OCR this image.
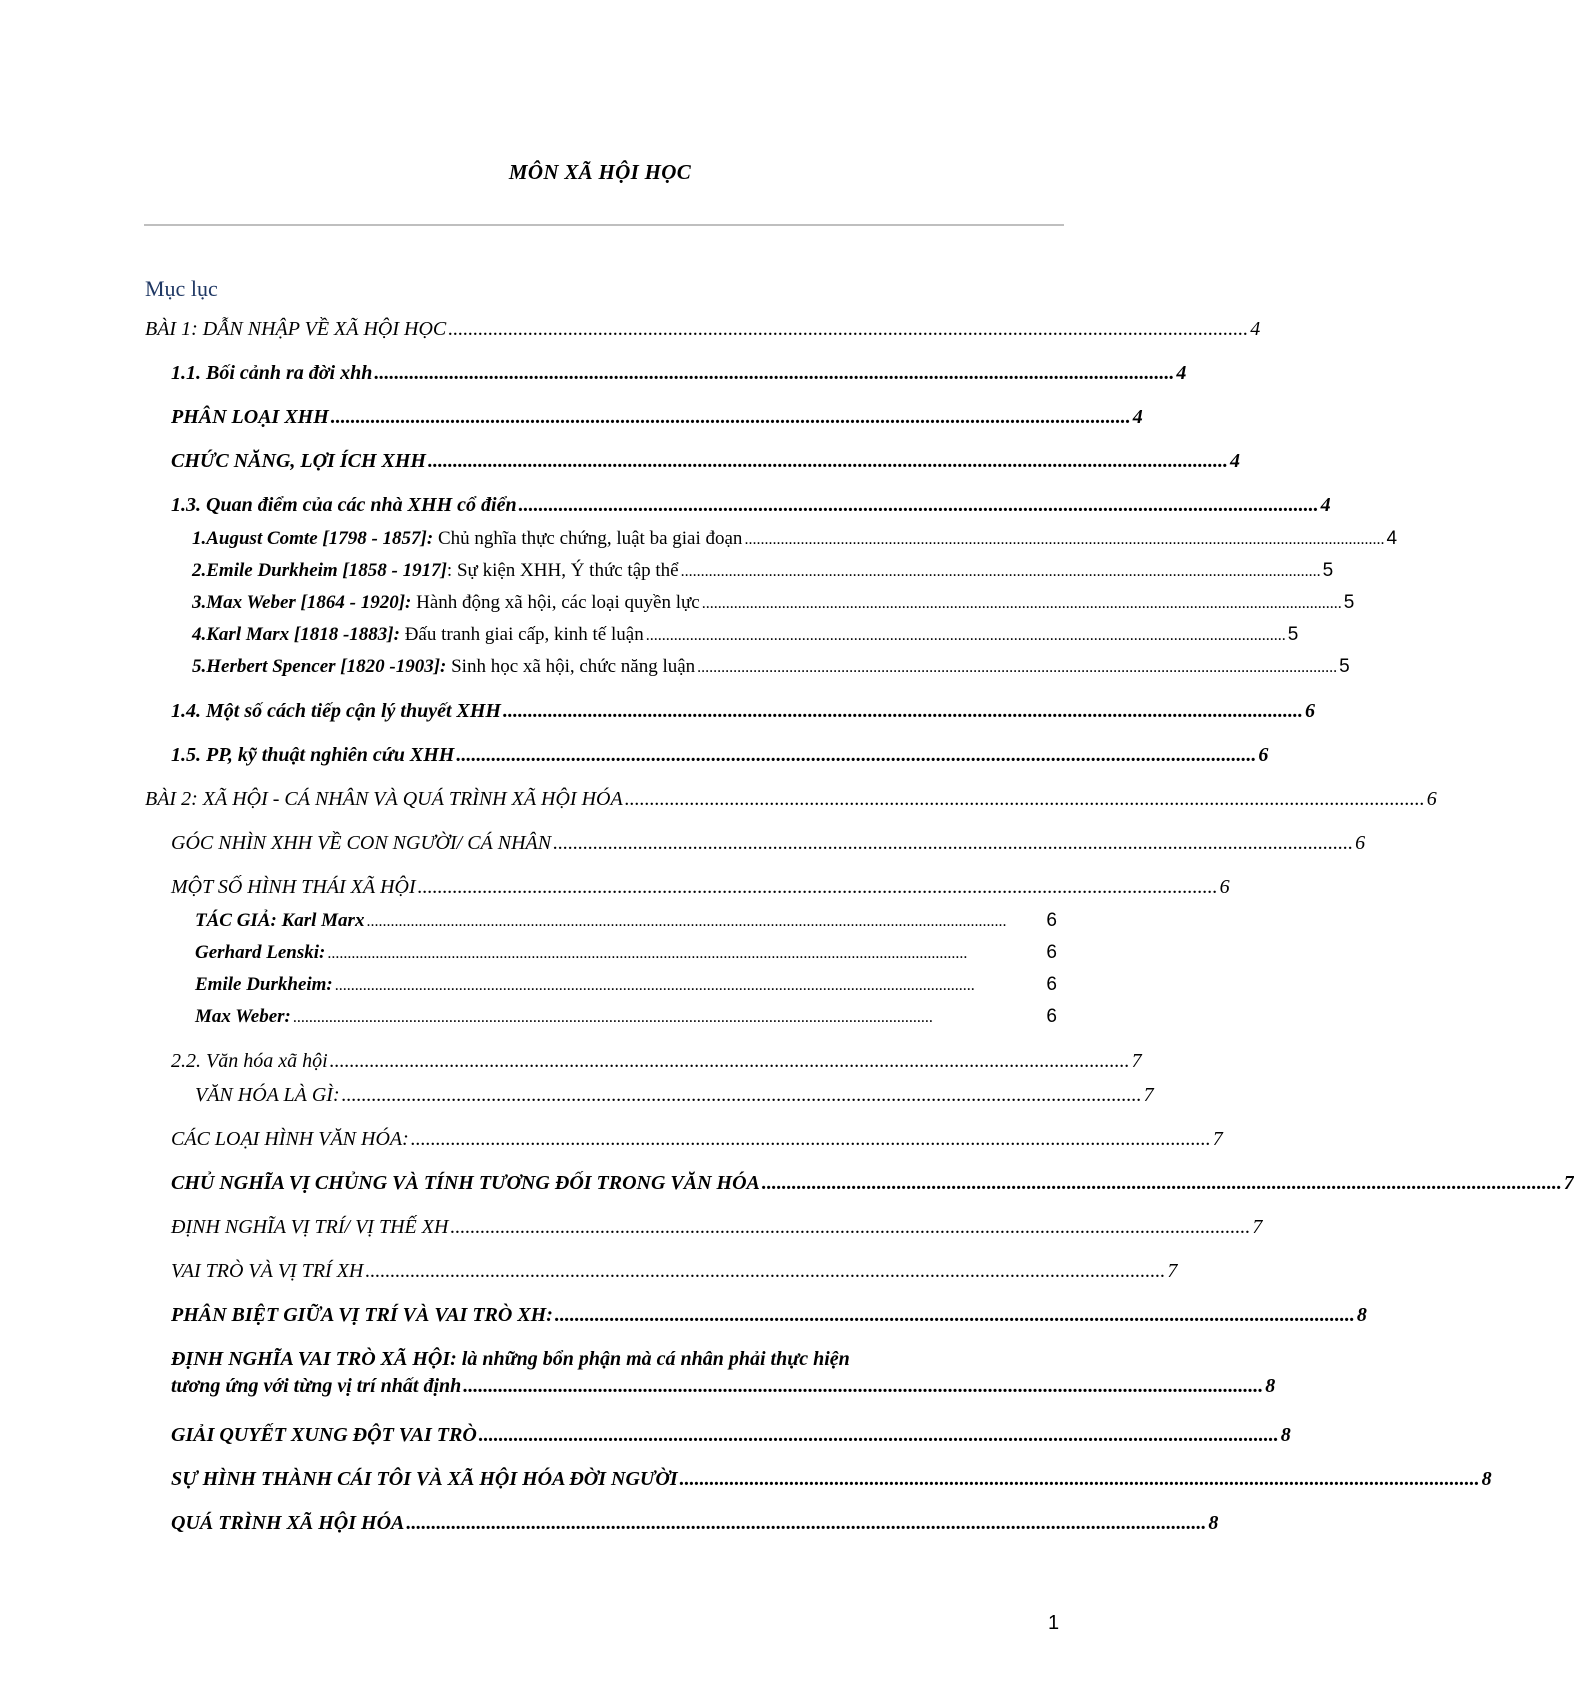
MÔN XÃ HỘI HỌC
Mục lục
BÀI 1: DẪN NHẬP VỀ XÃ HỘI HỌC ................................................................................................................................................................ 4
1.1. Bối cảnh ra đời xhh ................................................................................................................................................................ 4
PHÂN LOẠI XHH ................................................................................................................................................................ 4
CHỨC NĂNG, LỢI ÍCH XHH ................................................................................................................................................................ 4
1.3. Quan điểm của các nhà XHH cổ điển ................................................................................................................................................................ 4
1.August Comte [1798 - 1857]: Chủ nghĩa thực chứng, luật ba giai đoạn ................................................................................................................................................................ 4
2.Emile Durkheim [1858 - 1917]: Sự kiện XHH, Ý thức tập thể ................................................................................................................................................................ 5
3.Max Weber [1864 - 1920]: Hành động xã hội, các loại quyền lực ................................................................................................................................................................ 5
4.Karl Marx [1818 -1883]: Đấu tranh giai cấp, kinh tế luận ................................................................................................................................................................ 5
5.Herbert Spencer [1820 -1903]: Sinh học xã hội, chức năng luận ................................................................................................................................................................ 5
1.4. Một số cách tiếp cận lý thuyết XHH ................................................................................................................................................................ 6
1.5. PP, kỹ thuật nghiên cứu XHH ................................................................................................................................................................ 6
BÀI 2: XÃ HỘI - CÁ NHÂN VÀ QUÁ TRÌNH XÃ HỘI HÓA ................................................................................................................................................................ 6
GÓC NHÌN XHH VỀ CON NGƯỜI/ CÁ NHÂN ................................................................................................................................................................ 6
MỘT SỐ HÌNH THÁI XÃ HỘI ................................................................................................................................................................ 6
TÁC GIẢ: Karl Marx ................................................................................................................................................................	6
Gerhard Lenski: ................................................................................................................................................................	6
Emile Durkheim: ................................................................................................................................................................	6
Max Weber: ................................................................................................................................................................	6
2.2. Văn hóa xã hội ................................................................................................................................................................ 7
VĂN HÓA LÀ GÌ: ................................................................................................................................................................ 7
CÁC LOẠI HÌNH VĂN HÓA: ................................................................................................................................................................ 7
CHỦ NGHĨA VỊ CHỦNG VÀ TÍNH TƯƠNG ĐỐI TRONG VĂN HÓA ................................................................................................................................................................ 7
ĐỊNH NGHĨA VỊ TRÍ/ VỊ THẾ XH ................................................................................................................................................................ 7
VAI TRÒ VÀ VỊ TRÍ XH ................................................................................................................................................................ 7
PHÂN BIỆT GIỮA VỊ TRÍ VÀ VAI TRÒ XH: ................................................................................................................................................................ 8
ĐỊNH NGHĨA VAI TRÒ XÃ HỘI: là những bổn phận mà cá nhân phải thực hiện
tương ứng với từng vị trí nhất định ................................................................................................................................................................ 8
GIẢI QUYẾT XUNG ĐỘT VAI TRÒ ................................................................................................................................................................ 8
SỰ HÌNH THÀNH CÁI TÔI VÀ XÃ HỘI HÓA ĐỜI NGƯỜI ................................................................................................................................................................ 8
QUÁ TRÌNH XÃ HỘI HÓA ................................................................................................................................................................ 8
1
